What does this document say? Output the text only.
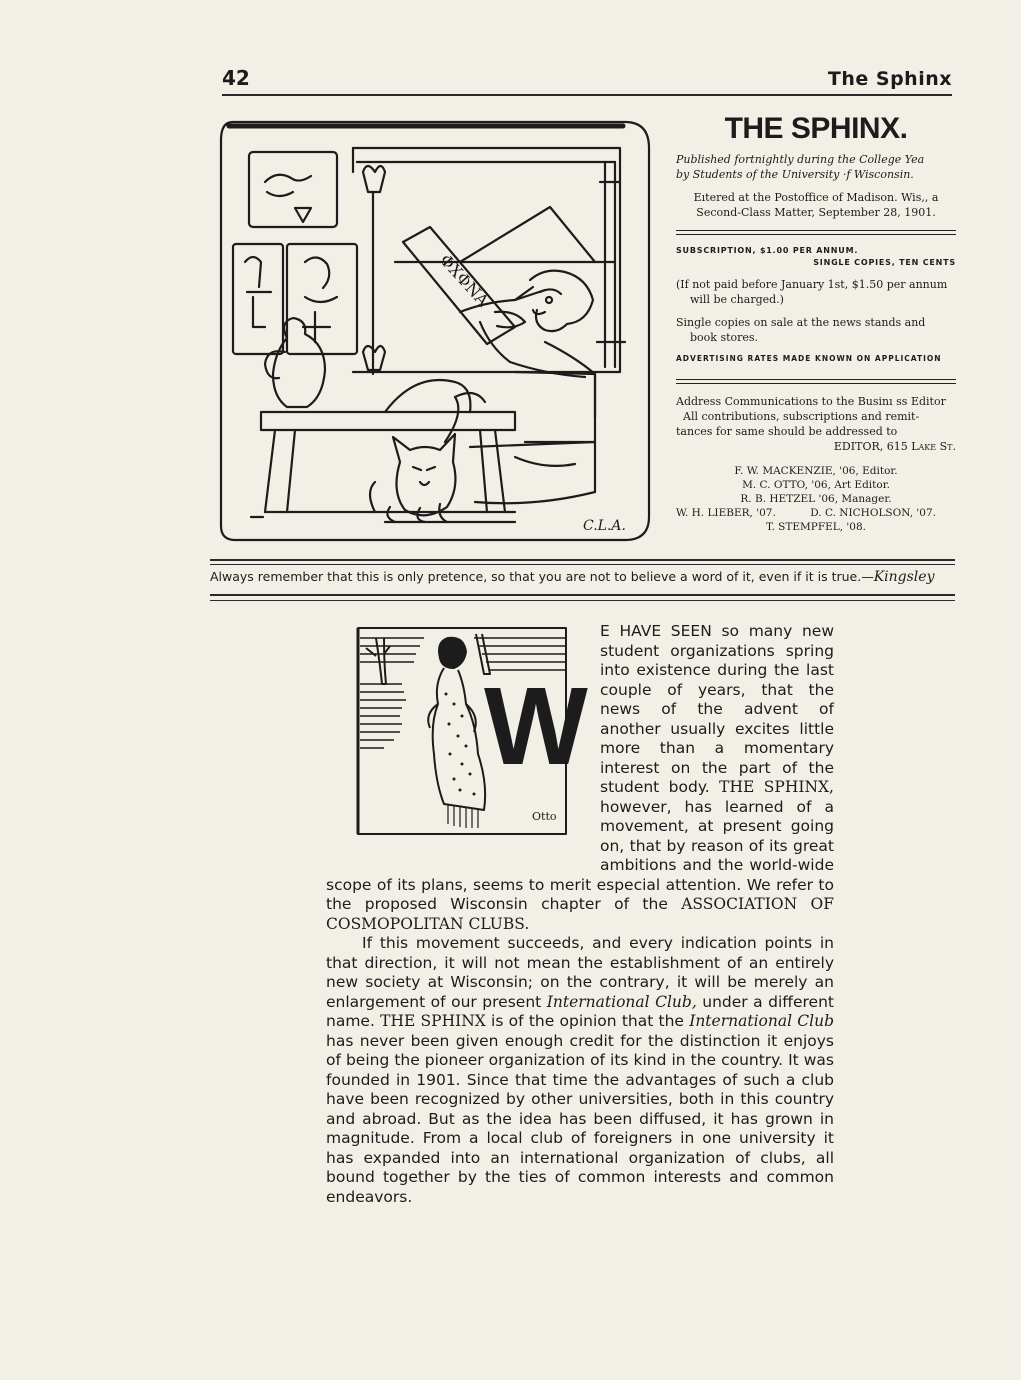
42	The Sphinx
ΦΧΦΝΑ
C.L.A.
THE SPHINX.
Published fortnightly during the College Yea
by Students of the University ·f Wisconsin.
Eıtered at the Postoffice of Madison. Wis,, a
Second-Class Matter, September 28, 1901.
SUBSCRIPTION, $1.00 PER ANNUM.
SINGLE COPIES, TEN CENTS
(If not paid before January 1st, $1.50 per annum
will be charged.)
Single copies on sale at the news stands and
book stores.
ADVERTISING RATES MADE KNOWN ON APPLICATION
Address Communications to the Businı ss Editor
All contributions, subscriptions and remit-
tances for same should be addressed to

EDITOR, 615 Lake St.
F. W. MACKENZIE, '06, Editor.
M. C. OTTO, '06, Art Editor.
R. B. HETZEL '06, Manager.
W. H. LIEBER, '07.	D. C. NICHOLSON, '07.
T. STEMPFEL, '08.
Always remember that this is only pretence, so that you are not to believe a word of it, even if it is true.—Kingsley
W
Otto

E HAVE SEEN so many new student organizations spring into existence during the last couple of years, that the news of the advent of another usually excites little more than a momentary interest on the part of the student body. THE SPHINX, however, has learned of a movement, at present going on, that by reason of its great ambitions and the world-wide scope of its plans, seems to merit especial attention. We refer to the proposed Wisconsin chapter of the ASSOCIATION OF COSMOPOLITAN CLUBS.

If this movement succeeds, and every indication points in that direction, it will not mean the establishment of an entirely new society at Wisconsin; on the contrary, it will be merely an enlargement of our present International Club, under a different name. THE SPHINX is of the opinion that the International Club has never been given enough credit for the distinction it enjoys of being the pioneer organization of its kind in the country. It was founded in 1901. Since that time the advantages of such a club have been recognized by other universities, both in this country and abroad. But as the idea has been diffused, it has grown in magnitude. From a local club of foreigners in one university it has expanded into an international organization of clubs, all bound together by the ties of common interests and common endeavors.
